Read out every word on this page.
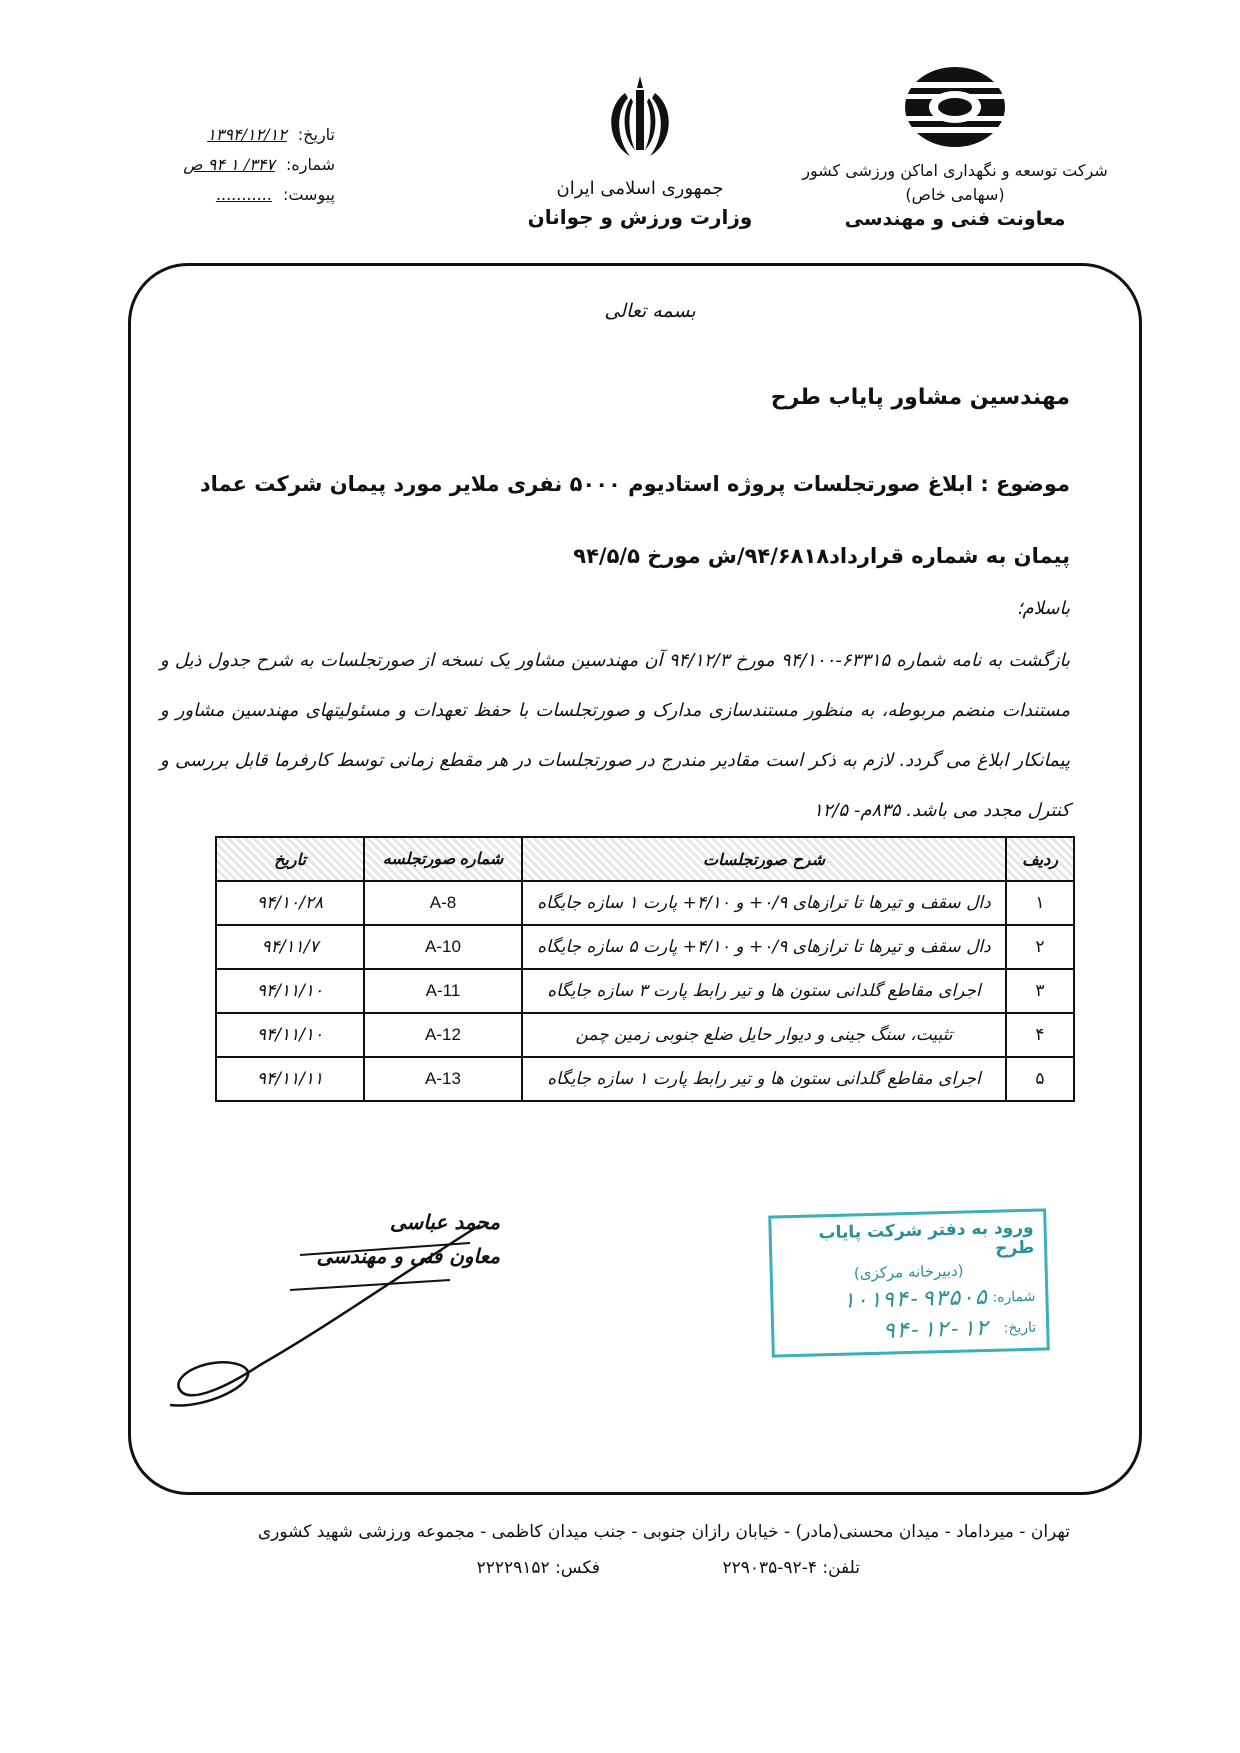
شرکت توسعه و نگهداری اماکن ورزشی کشور
(سهامی خاص)
معاونت فنی و مهندسی
جمهوری اسلامی ایران
وزارت ورزش و جوانان
تاریخ: ۱۳۹۴/۱۲/۱۲
شماره: ۳۴۷/ ۱ ۹۴ ص
پیوست: ...........
بسمه تعالی
مهندسین مشاور پایاب طرح
موضوع : ابلاغ صورتجلسات پروژه استادیوم ۵۰۰۰ نفری ملایر مورد پیمان شرکت عماد پیمان به شماره قرارداد۹۴/۶۸۱۸/ش مورخ ۹۴/۵/۵
باسلام؛
بازگشت به نامه شماره ۶۳۳۱۵-۹۴/۱۰۰ مورخ ۹۴/۱۲/۳ آن مهندسین مشاور یک نسخه از صورتجلسات به شرح جدول ذیل و مستندات منضم مربوطه، به منظور مستندسازی مدارک و صورتجلسات با حفظ تعهدات و مسئولیتهای مهندسین مشاور و پیمانکار ابلاغ می گردد. لازم به ذکر است مقادیر مندرج در صورتجلسات در هر مقطع زمانی توسط کارفرما قابل بررسی و کنترل مجدد می باشد. ۸۳۵م- ۱۲/۵
ردیف	شرح صورتجلسات	شماره صورتجلسه	تاریخ
۱	دال سقف و تیرها تا ترازهای ۰/۹+ و ۴/۱۰+ پارت ۱ سازه جایگاه	A-8	۹۴/۱۰/۲۸
۲	دال سقف و تیرها تا ترازهای ۰/۹+ و ۴/۱۰+ پارت ۵ سازه جایگاه	A-10	۹۴/۱۱/۷
۳	اجرای مقاطع گلدانی ستون ها و تیر رابط پارت ۳ سازه جایگاه	A-11	۹۴/۱۱/۱۰
۴	تثبیت، سنگ جینی و دیوار حایل ضلع جنوبی زمین چمن	A-12	۹۴/۱۱/۱۰
۵	اجرای مقاطع گلدانی ستون ها و تیر رابط پارت ۱ سازه جایگاه	A-13	۹۴/۱۱/۱۱
محمد عباسی
معاون فنی و مهندسی
ورود به دفتر شرکت پایاب طرح
(دبیرخانه مرکزی)
شماره:
۱۰۱۹۴-۹۳۵۰۵
تاریخ:
۹۴-۱۲-۱۲
تهران - میرداماد - میدان محسنی(مادر) - خیابان رازان جنوبی - جنب میدان کاظمی - مجموعه ورزشی شهید کشوری
تلفن: ۴-۹۲-۲۲۹۰۳۵
فکس: ۲۲۲۲۹۱۵۲
